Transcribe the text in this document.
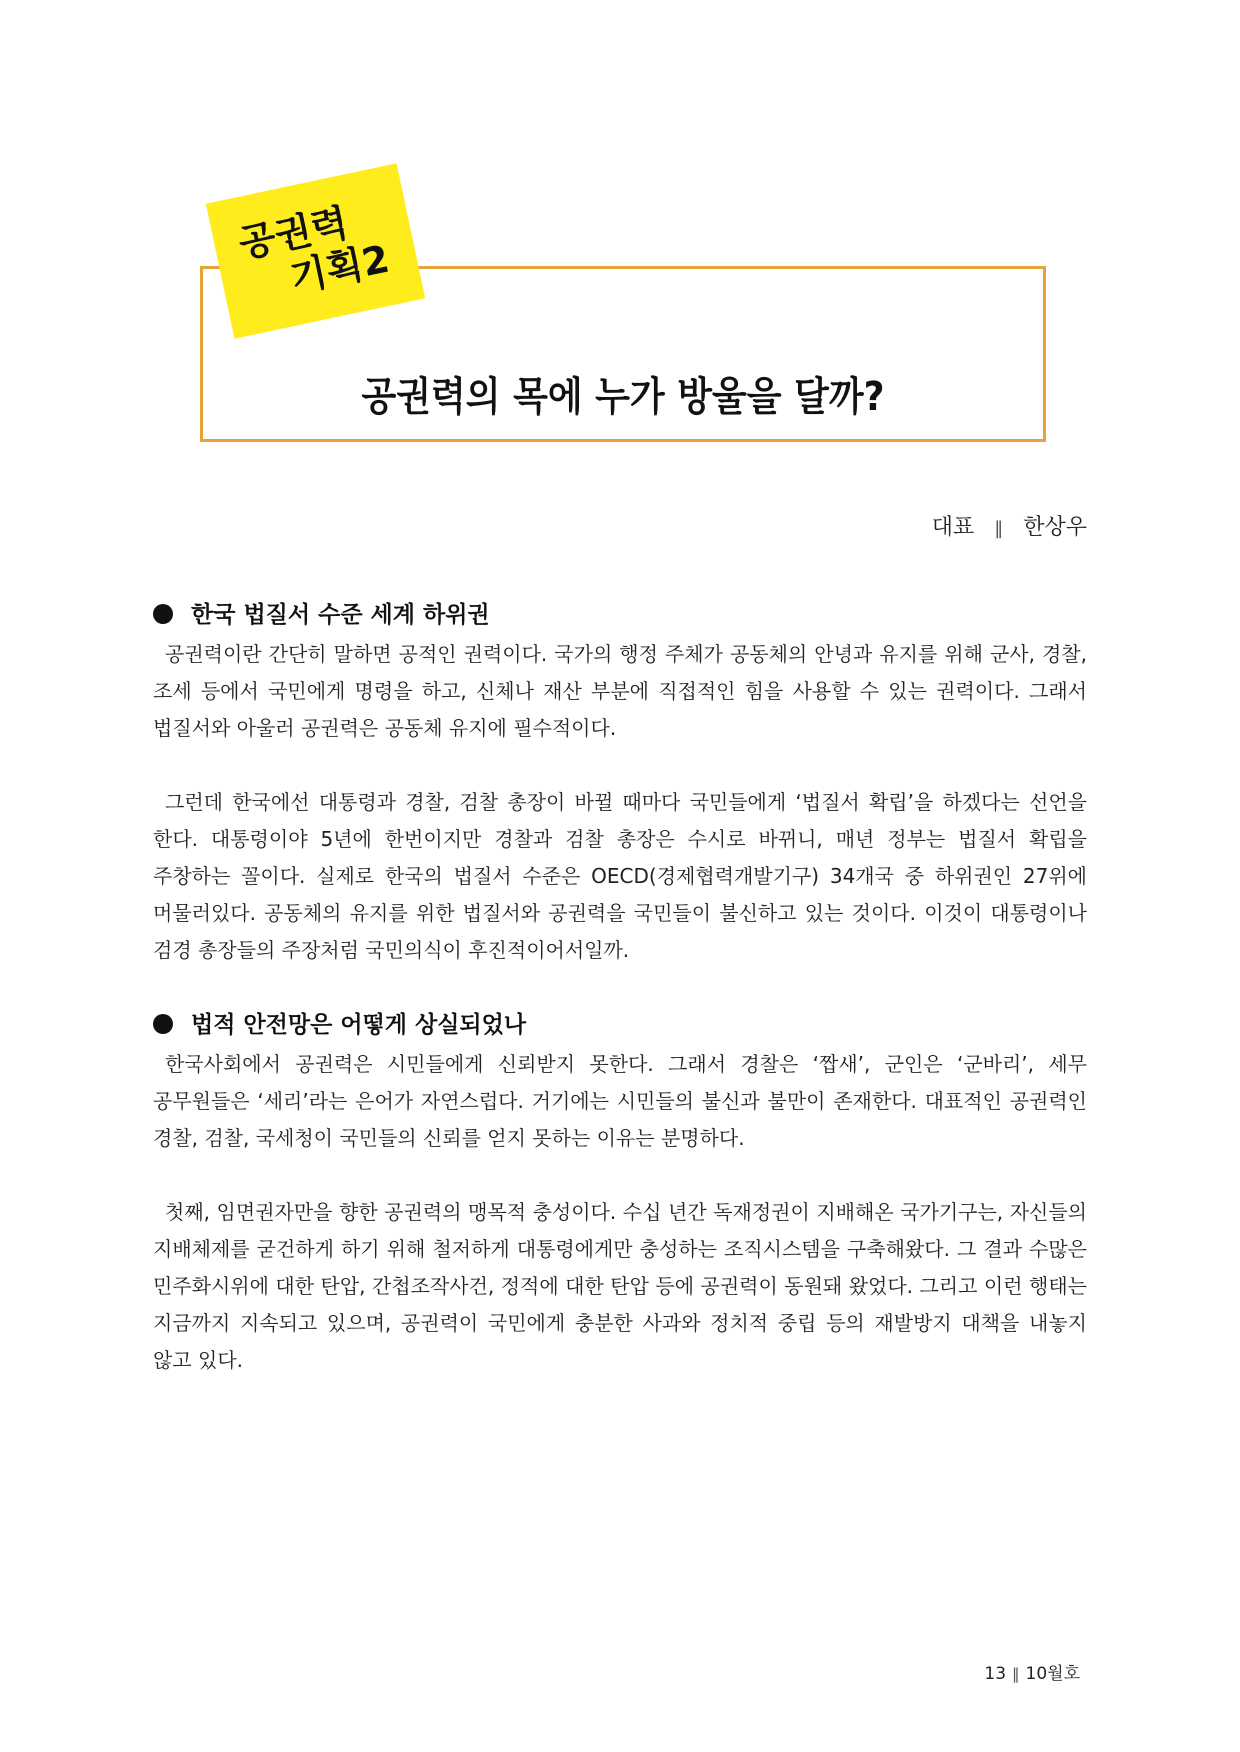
공권력
기획2
공권력의 목에 누가 방울을 달까?
대표 ‖ 한상우
한국 법질서 수준 세계 하위권

공권력이란 간단히 말하면 공적인 권력이다. 국가의 행정 주체가 공동체의 안녕과 유지를 위해 군사, 경찰, 조세 등에서 국민에게 명령을 하고, 신체나 재산 부분에 직접적인 힘을 사용할 수 있는 권력이다. 그래서 법질서와 아울러 공권력은 공동체 유지에 필수적이다.

그런데 한국에선 대통령과 경찰, 검찰 총장이 바뀔 때마다 국민들에게 ‘법질서 확립’을 하겠다는 선언을 한다. 대통령이야 5년에 한번이지만 경찰과 검찰 총장은 수시로 바뀌니, 매년 정부는 법질서 확립을 주창하는 꼴이다. 실제로 한국의 법질서 수준은 OECD(경제협력개발기구) 34개국 중 하위권인 27위에 머물러있다. 공동체의 유지를 위한 법질서와 공권력을 국민들이 불신하고 있는 것이다. 이것이 대통령이나 검경 총장들의 주장처럼 국민의식이 후진적이어서일까.

법적 안전망은 어떻게 상실되었나

한국사회에서 공권력은 시민들에게 신뢰받지 못한다. 그래서 경찰은 ‘짭새’, 군인은 ‘군바리’, 세무 공무원들은 ‘세리’라는 은어가 자연스럽다. 거기에는 시민들의 불신과 불만이 존재한다. 대표적인 공권력인 경찰, 검찰, 국세청이 국민들의 신뢰를 얻지 못하는 이유는 분명하다.

첫째, 임면권자만을 향한 공권력의 맹목적 충성이다. 수십 년간 독재정권이 지배해온 국가기구는, 자신들의 지배체제를 굳건하게 하기 위해 철저하게 대통령에게만 충성하는 조직시스템을 구축해왔다. 그 결과 수많은 민주화시위에 대한 탄압, 간첩조작사건, 정적에 대한 탄압 등에 공권력이 동원돼 왔었다. 그리고 이런 행태는 지금까지 지속되고 있으며, 공권력이 국민에게 충분한 사과와 정치적 중립 등의 재발방지 대책을 내놓지 않고 있다.

13 ‖ 10월호
